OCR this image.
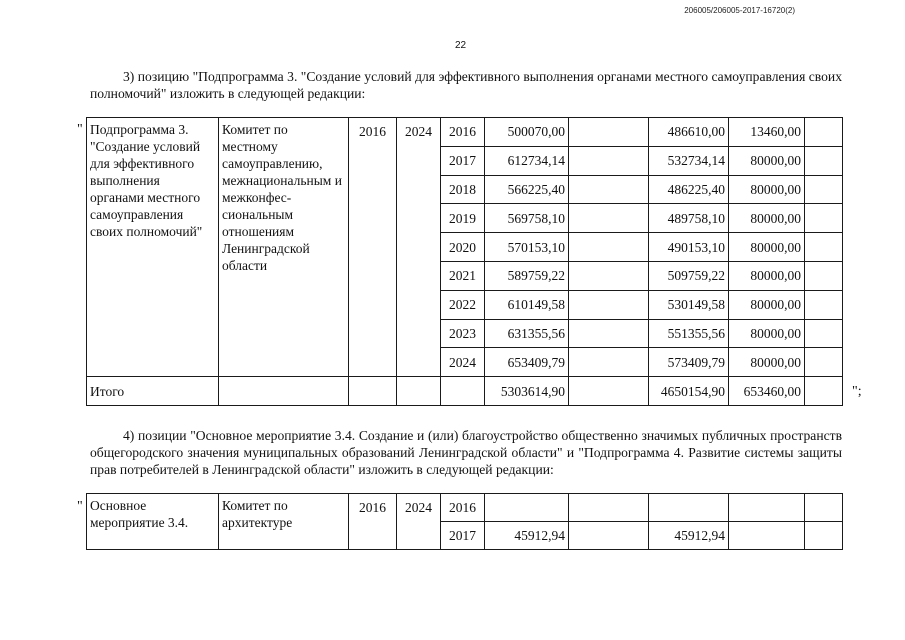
206005/206005-2017-16720(2)
22
3) позицию "Подпрограмма 3. "Создание условий для эффективного выполнения органами местного самоуправления своих полномочий" изложить в следующей редакции:
" Подпрограмма 3. "Создание условий для эффективного выполнения органами местного самоуправления своих полномочий"	Комитет по местному самоуправлению, межнациональным и межконфес-сиональным отношениям Ленинградской области	2016	2024	2016	500070,00		486610,00	13460,00	
				2017	612734,14		532734,14	80000,00	
				2018	566225,40		486225,40	80000,00	
				2019	569758,10		489758,10	80000,00	
				2020	570153,10		490153,10	80000,00	
				2021	589759,22		509759,22	80000,00	
				2022	610149,58		530149,58	80000,00	
				2023	631355,56		551355,56	80000,00	
				2024	653409,79		573409,79	80000,00	
Итого					5303614,90		4650154,90	653460,00		";
4) позиции "Основное мероприятие 3.4. Создание и (или) благоустройство общественно значимых публичных пространств общегородского значения муниципальных образований Ленинградской области" и "Подпрограмма 4. Развитие системы защиты прав потребителей в Ленинградской области" изложить в следующей редакции:
" Основное мероприятие 3.4.	Комитет по архитектуре	2016	2024	2016					
				2017	45912,94		45912,94		
